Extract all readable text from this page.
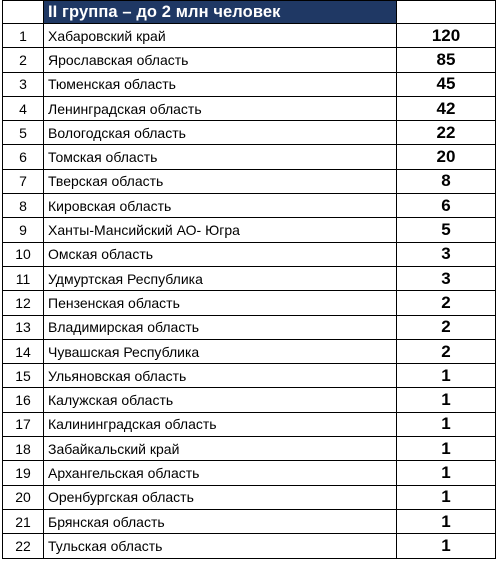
	II группа – до 2 млн человек	
1	Хабаровский край	120
2	Ярославская область	85
3	Тюменская область	45
4	Ленинградская область	42
5	Вологодская область	22
6	Томская область	20
7	Тверская область	8
8	Кировская область	6
9	Ханты-Мансийский АО- Югра	5
10	Омская область	3
11	Удмуртская Республика	3
12	Пензенская область	2
13	Владимирская область	2
14	Чувашская Республика	2
15	Ульяновская область	1
16	Калужская область	1
17	Калининградская область	1
18	Забайкальский край	1
19	Архангельская область	1
20	Оренбургская область	1
21	Брянская область	1
22	Тульская область	1
